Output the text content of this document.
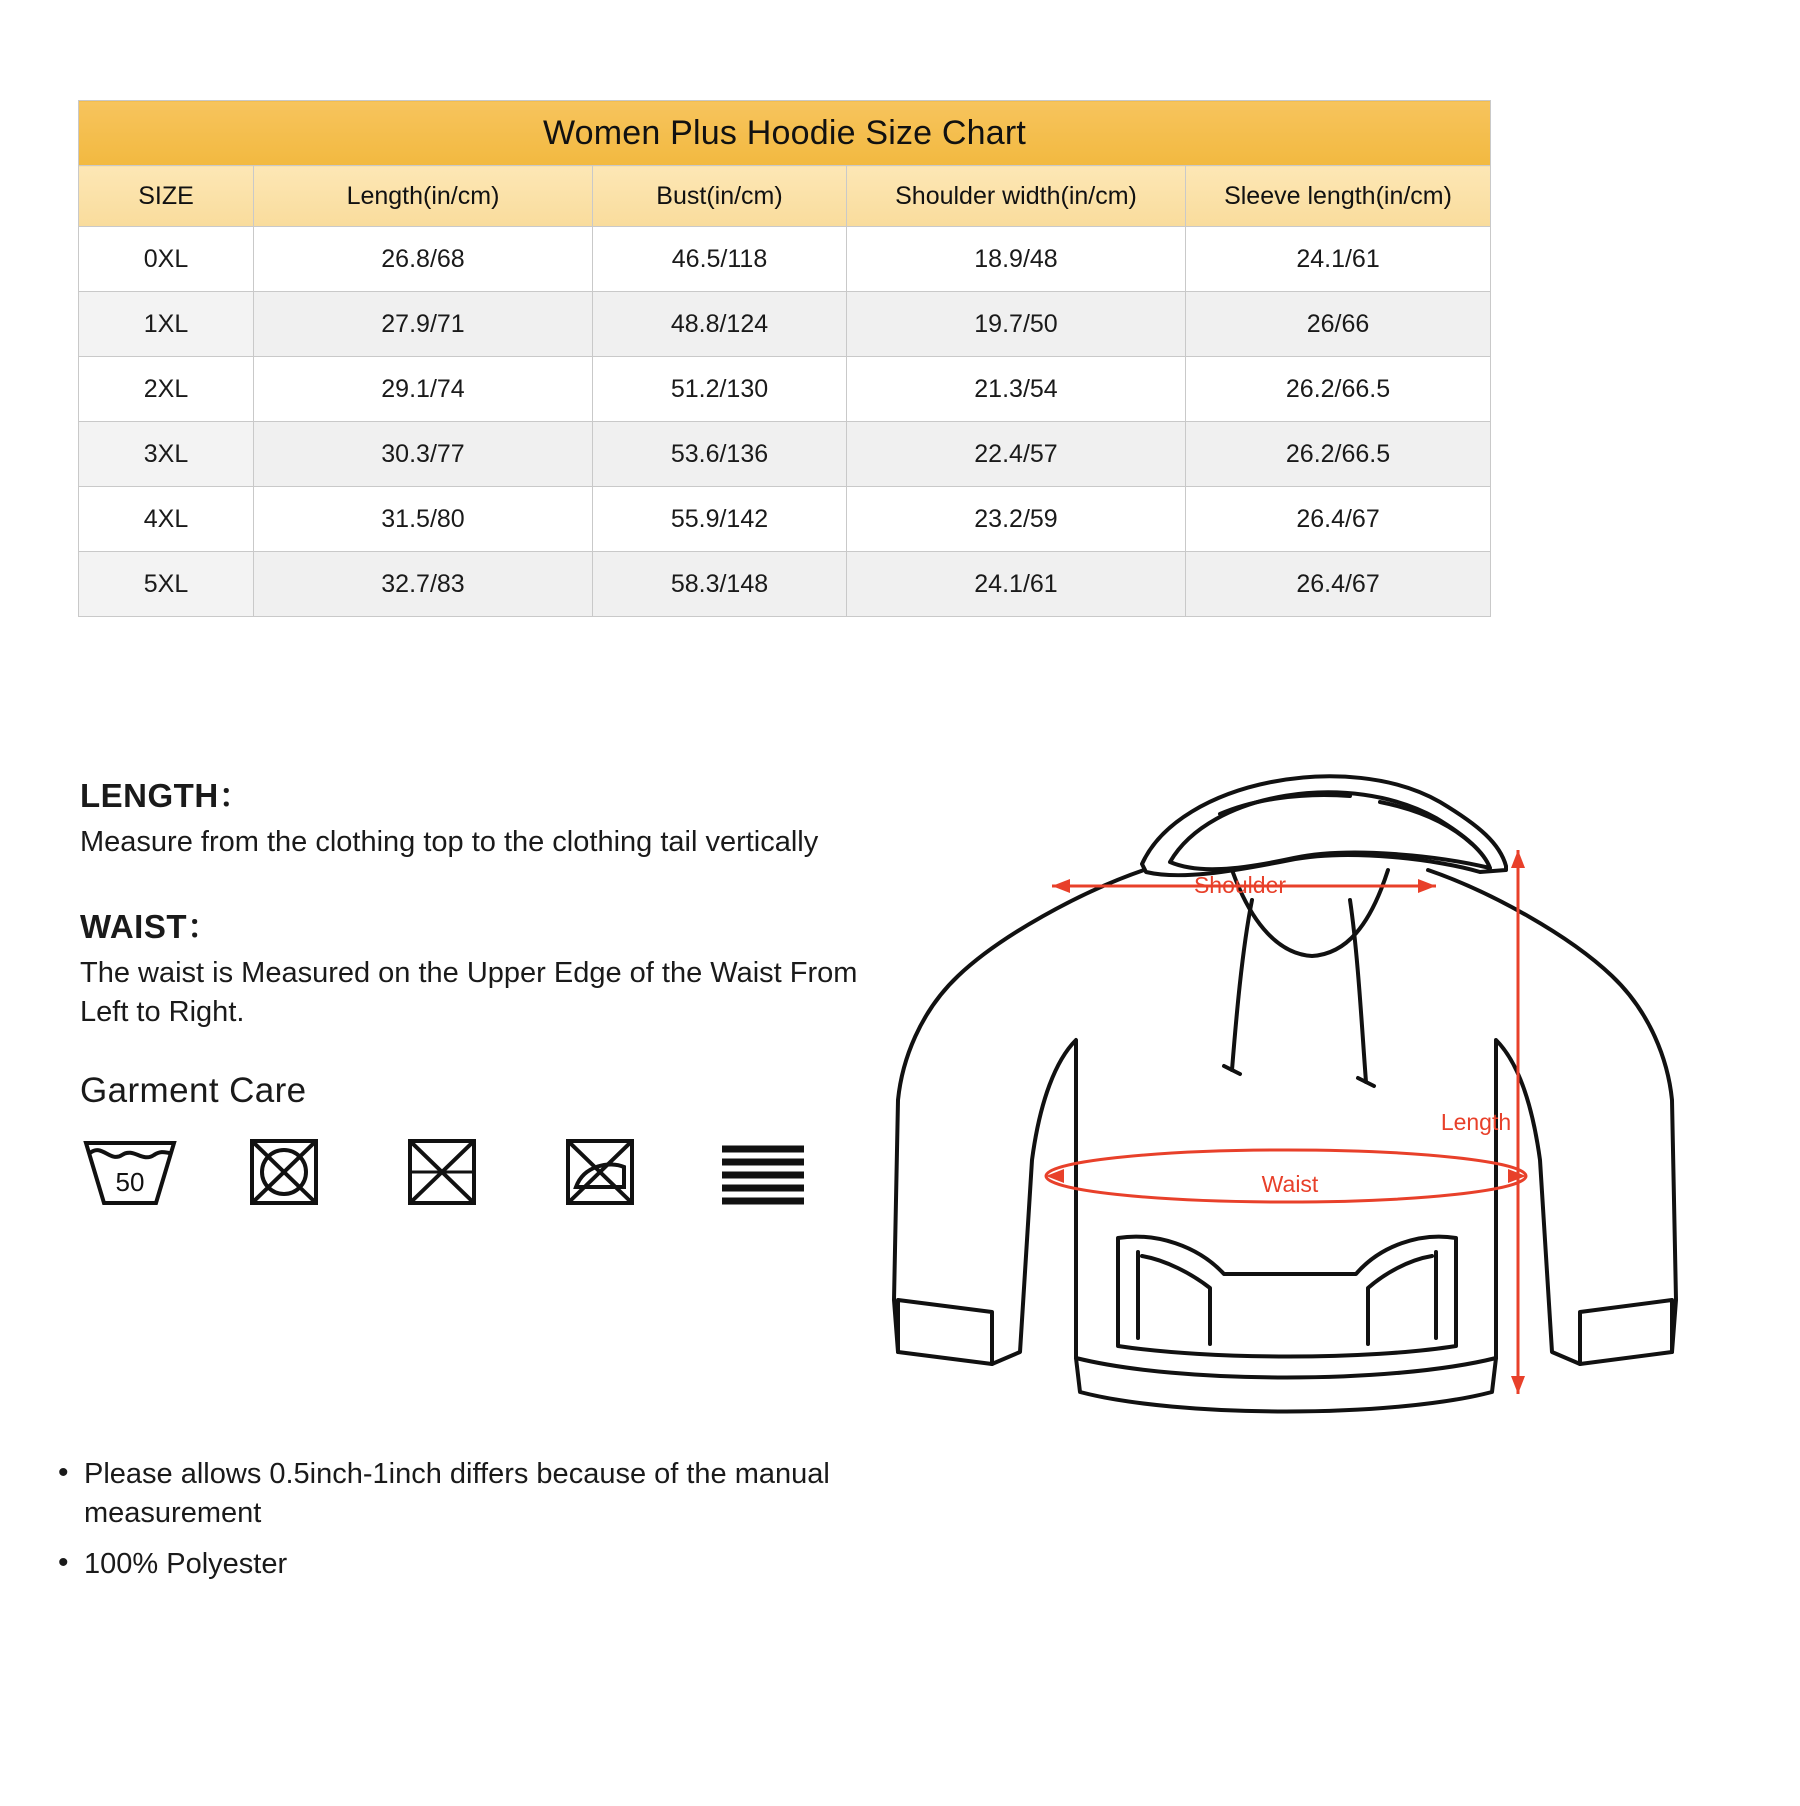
Women Plus Hoodie Size Chart				
SIZE	Length(in/cm)	Bust(in/cm)	Shoulder width(in/cm)	Sleeve length(in/cm)
0XL	26.8/68	46.5/118	18.9/48	24.1/61
1XL	27.9/71	48.8/124	19.7/50	26/66
2XL	29.1/74	51.2/130	21.3/54	26.2/66.5
3XL	30.3/77	53.6/136	22.4/57	26.2/66.5
4XL	31.5/80	55.9/142	23.2/59	26.4/67
5XL	32.7/83	58.3/148	24.1/61	26.4/67
LENGTH：

Measure from the clothing top to the clothing tail vertically

WAIST：

The waist is Measured on the Upper Edge of the Waist From Left to Right.

Garment Care
50
• Please allows 0.5inch-1inch differs because of the manual measurement
• 100% Polyester
Shoulder
Length
Waist
